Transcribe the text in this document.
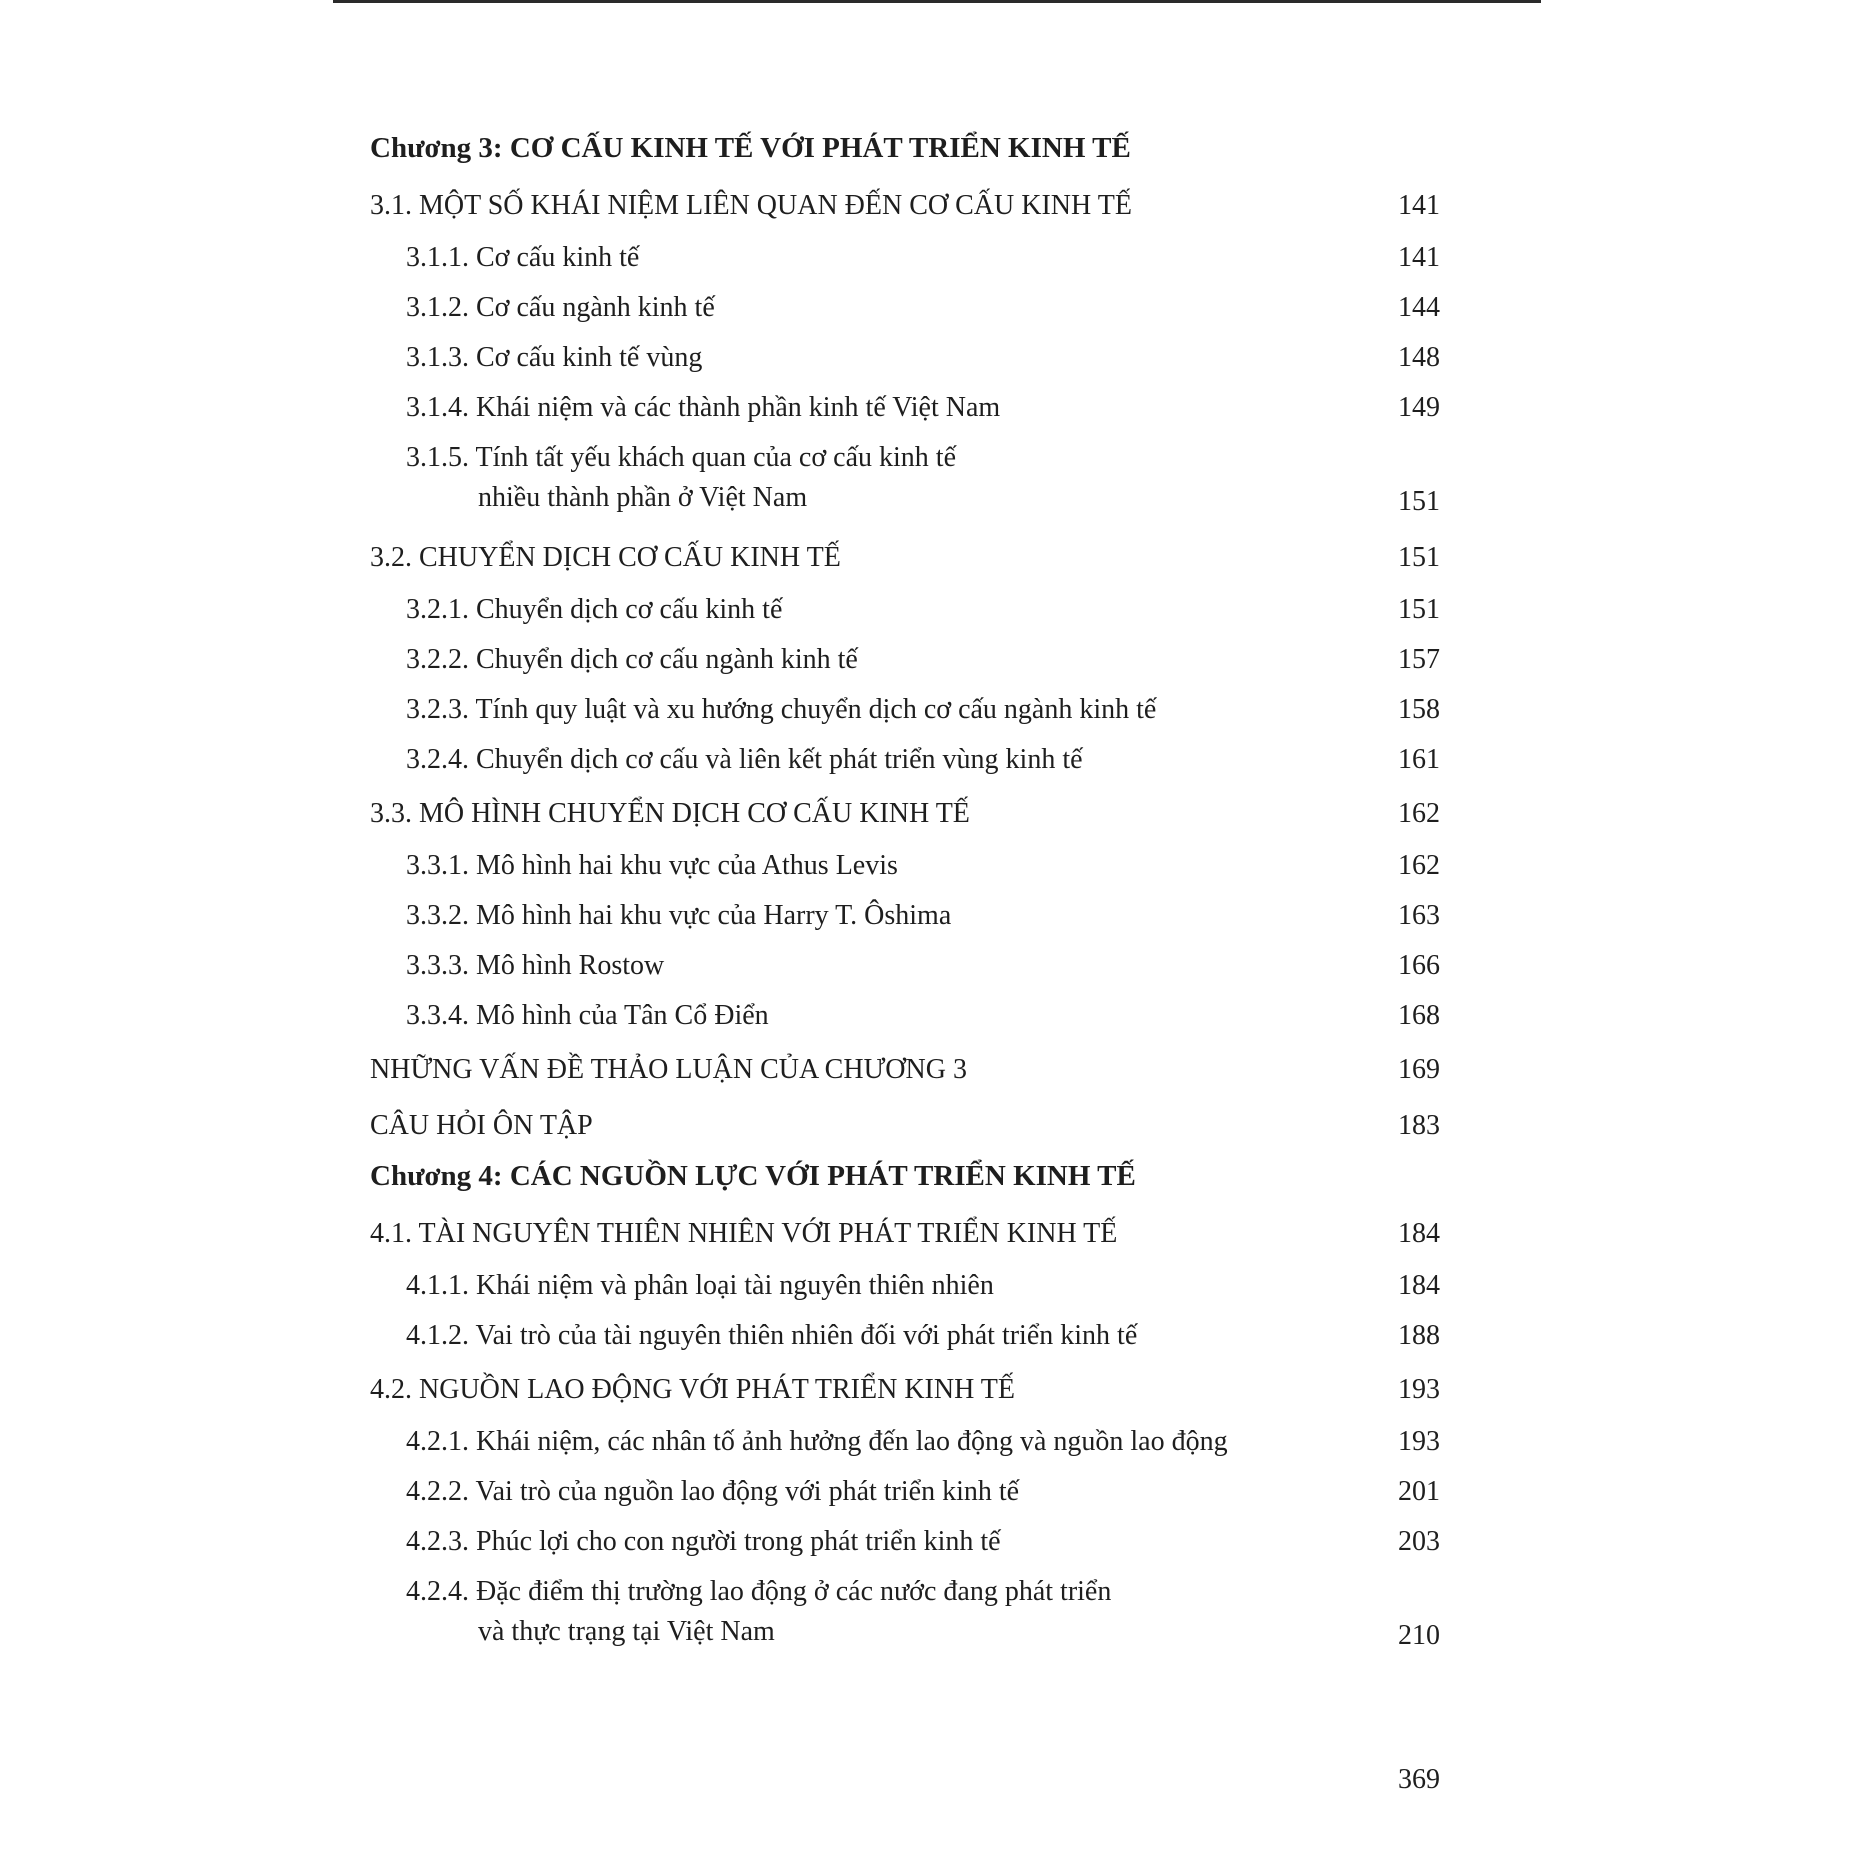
Chương 3: CƠ CẤU KINH TẾ VỚI PHÁT TRIỂN KINH TẾ
3.1. MỘT SỐ KHÁI NIỆM LIÊN QUAN ĐẾN CƠ CẤU KINH TẾ	141
3.1.1. Cơ cấu kinh tế	141
3.1.2. Cơ cấu ngành kinh tế	144
3.1.3. Cơ cấu kinh tế vùng	148
3.1.4. Khái niệm và các thành phần kinh tế Việt Nam	149
3.1.5. Tính tất yếu khách quan của cơ cấu kinh tế
nhiều thành phần ở Việt Nam	151
3.2. CHUYỂN DỊCH CƠ CẤU KINH TẾ	151
3.2.1. Chuyển dịch cơ cấu kinh tế	151
3.2.2. Chuyển dịch cơ cấu ngành kinh tế	157
3.2.3. Tính quy luật và xu hướng chuyển dịch cơ cấu ngành kinh tế	158
3.2.4. Chuyển dịch cơ cấu và liên kết phát triển vùng kinh tế	161
3.3. MÔ HÌNH CHUYỂN DỊCH CƠ CẤU KINH TẾ	162
3.3.1. Mô hình hai khu vực của Athus Levis	162
3.3.2. Mô hình hai khu vực của Harry T. Ôshima	163
3.3.3. Mô hình Rostow	166
3.3.4. Mô hình của Tân Cổ Điển	168
NHỮNG VẤN ĐỀ THẢO LUẬN CỦA CHƯƠNG 3	169
CÂU HỎI ÔN TẬP	183
Chương 4: CÁC NGUỒN LỰC VỚI PHÁT TRIỂN KINH TẾ
4.1. TÀI NGUYÊN THIÊN NHIÊN VỚI PHÁT TRIỂN KINH TẾ	184
4.1.1. Khái niệm và phân loại tài nguyên thiên nhiên	184
4.1.2. Vai trò của tài nguyên thiên nhiên đối với phát triển kinh tế	188
4.2. NGUỒN LAO ĐỘNG VỚI PHÁT TRIỂN KINH TẾ	193
4.2.1. Khái niệm, các nhân tố ảnh hưởng đến lao động và nguồn lao động	193
4.2.2. Vai trò của nguồn lao động với phát triển kinh tế	201
4.2.3. Phúc lợi cho con người trong phát triển kinh tế	203
4.2.4. Đặc điểm thị trường lao động ở các nước đang phát triển
và thực trạng tại Việt Nam	210
369
